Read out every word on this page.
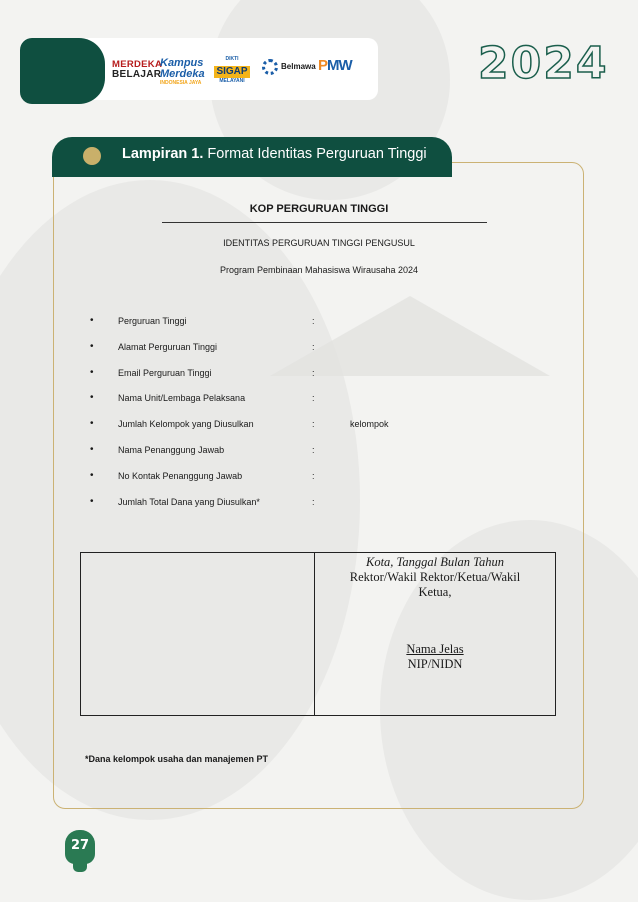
MERDEKA
BELAJAR
Kampus
Merdeka
INDONESIA JAYA
DIKTI
SIGAP
MELAYANI
Belmawa PMW	2024
Lampiran 1. Format Identitas Perguruan Tinggi
KOP PERGURUAN TINGGI
IDENTITAS PERGURUAN TINGGI PENGUSUL
Program Pembinaan Mahasiswa Wirausaha 2024
•	Perguruan Tinggi	:
•	Alamat Perguruan Tinggi	:
•	Email Perguruan Tinggi	:
•	Nama Unit/Lembaga Pelaksana	:
•	Jumlah Kelompok yang Diusulkan	:	kelompok
•	Nama Penanggung Jawab	:
•	No Kontak Penanggung Jawab	:
•	Jumlah Total Dana yang Diusulkan*	:
Kota, Tanggal Bulan Tahun
Rektor/Wakil Rektor/Ketua/Wakil
Ketua,
Nama Jelas
NIP/NIDN
*Dana kelompok usaha dan manajemen PT
27
